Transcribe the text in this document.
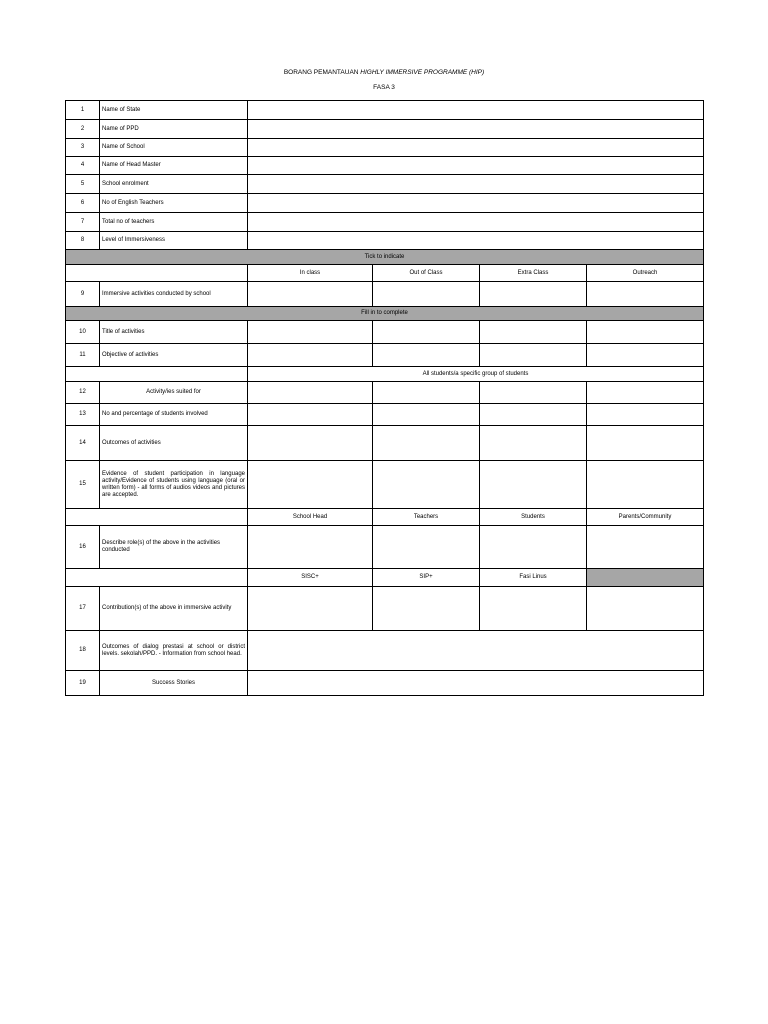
BORANG PEMANTAUAN HIGHLY IMMERSIVE PROGRAMME (HIP)
FASA 3
1	Name of State				
2	Name of PPD				
3	Name of School				
4	Name of Head Master				
5	School enrolment				
6	No of English Teachers				
7	Total no of teachers				
8	Level of Immersiveness				
Tick to indicate					
		In class	Out of Class	Extra Class	Outreach
9	Immersive activities conducted by school				
Fill in to complete					
10	Title of activities				
11	Objective of activities				
		All students/a specific group of students			
12	Activity/ies suited for				
13	No and percentage of students involved				
14	Outcomes of activities				
15	Evidence of student participation in language activity/Evidence of students using language (oral or written form) - all forms of audios videos and pictures are accepted.				
		School Head	Teachers	Students	Parents/Community
16	Describe role(s) of the above in the activities conducted				
		SISC+	SIP+	Fasi Linus	
17	Contribution(s) of the above in immersive activity				
18	Outcomes of dialog prestasi at school or district levels. sekolah/PPD. - Information from school head.				
19	Success Stories				
